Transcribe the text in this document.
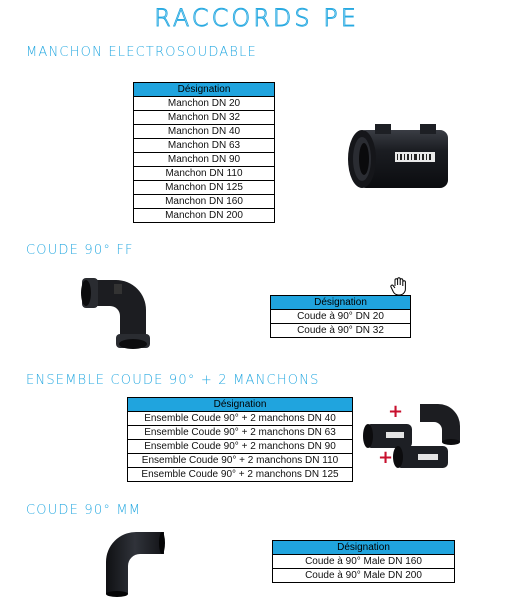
RACCORDS PE
MANCHON ELECTROSOUDABLE
Désignation
Manchon DN 20
Manchon DN 32
Manchon DN 40
Manchon DN 63
Manchon DN 90
Manchon DN 110
Manchon DN 125
Manchon DN 160
Manchon DN 200
COUDE 90° FF
Désignation
Coude à 90° DN 20
Coude à 90° DN 32
ENSEMBLE COUDE 90° + 2 MANCHONS
Désignation
Ensemble Coude 90° + 2 manchons DN 40
Ensemble Coude 90° + 2 manchons DN 63
Ensemble Coude 90° + 2 manchons DN 90
Ensemble Coude 90° + 2 manchons DN 110
Ensemble Coude 90° + 2 manchons DN 125
+
+
COUDE 90° MM
Désignation
Coude à 90° Male DN 160
Coude à 90° Male DN 200
